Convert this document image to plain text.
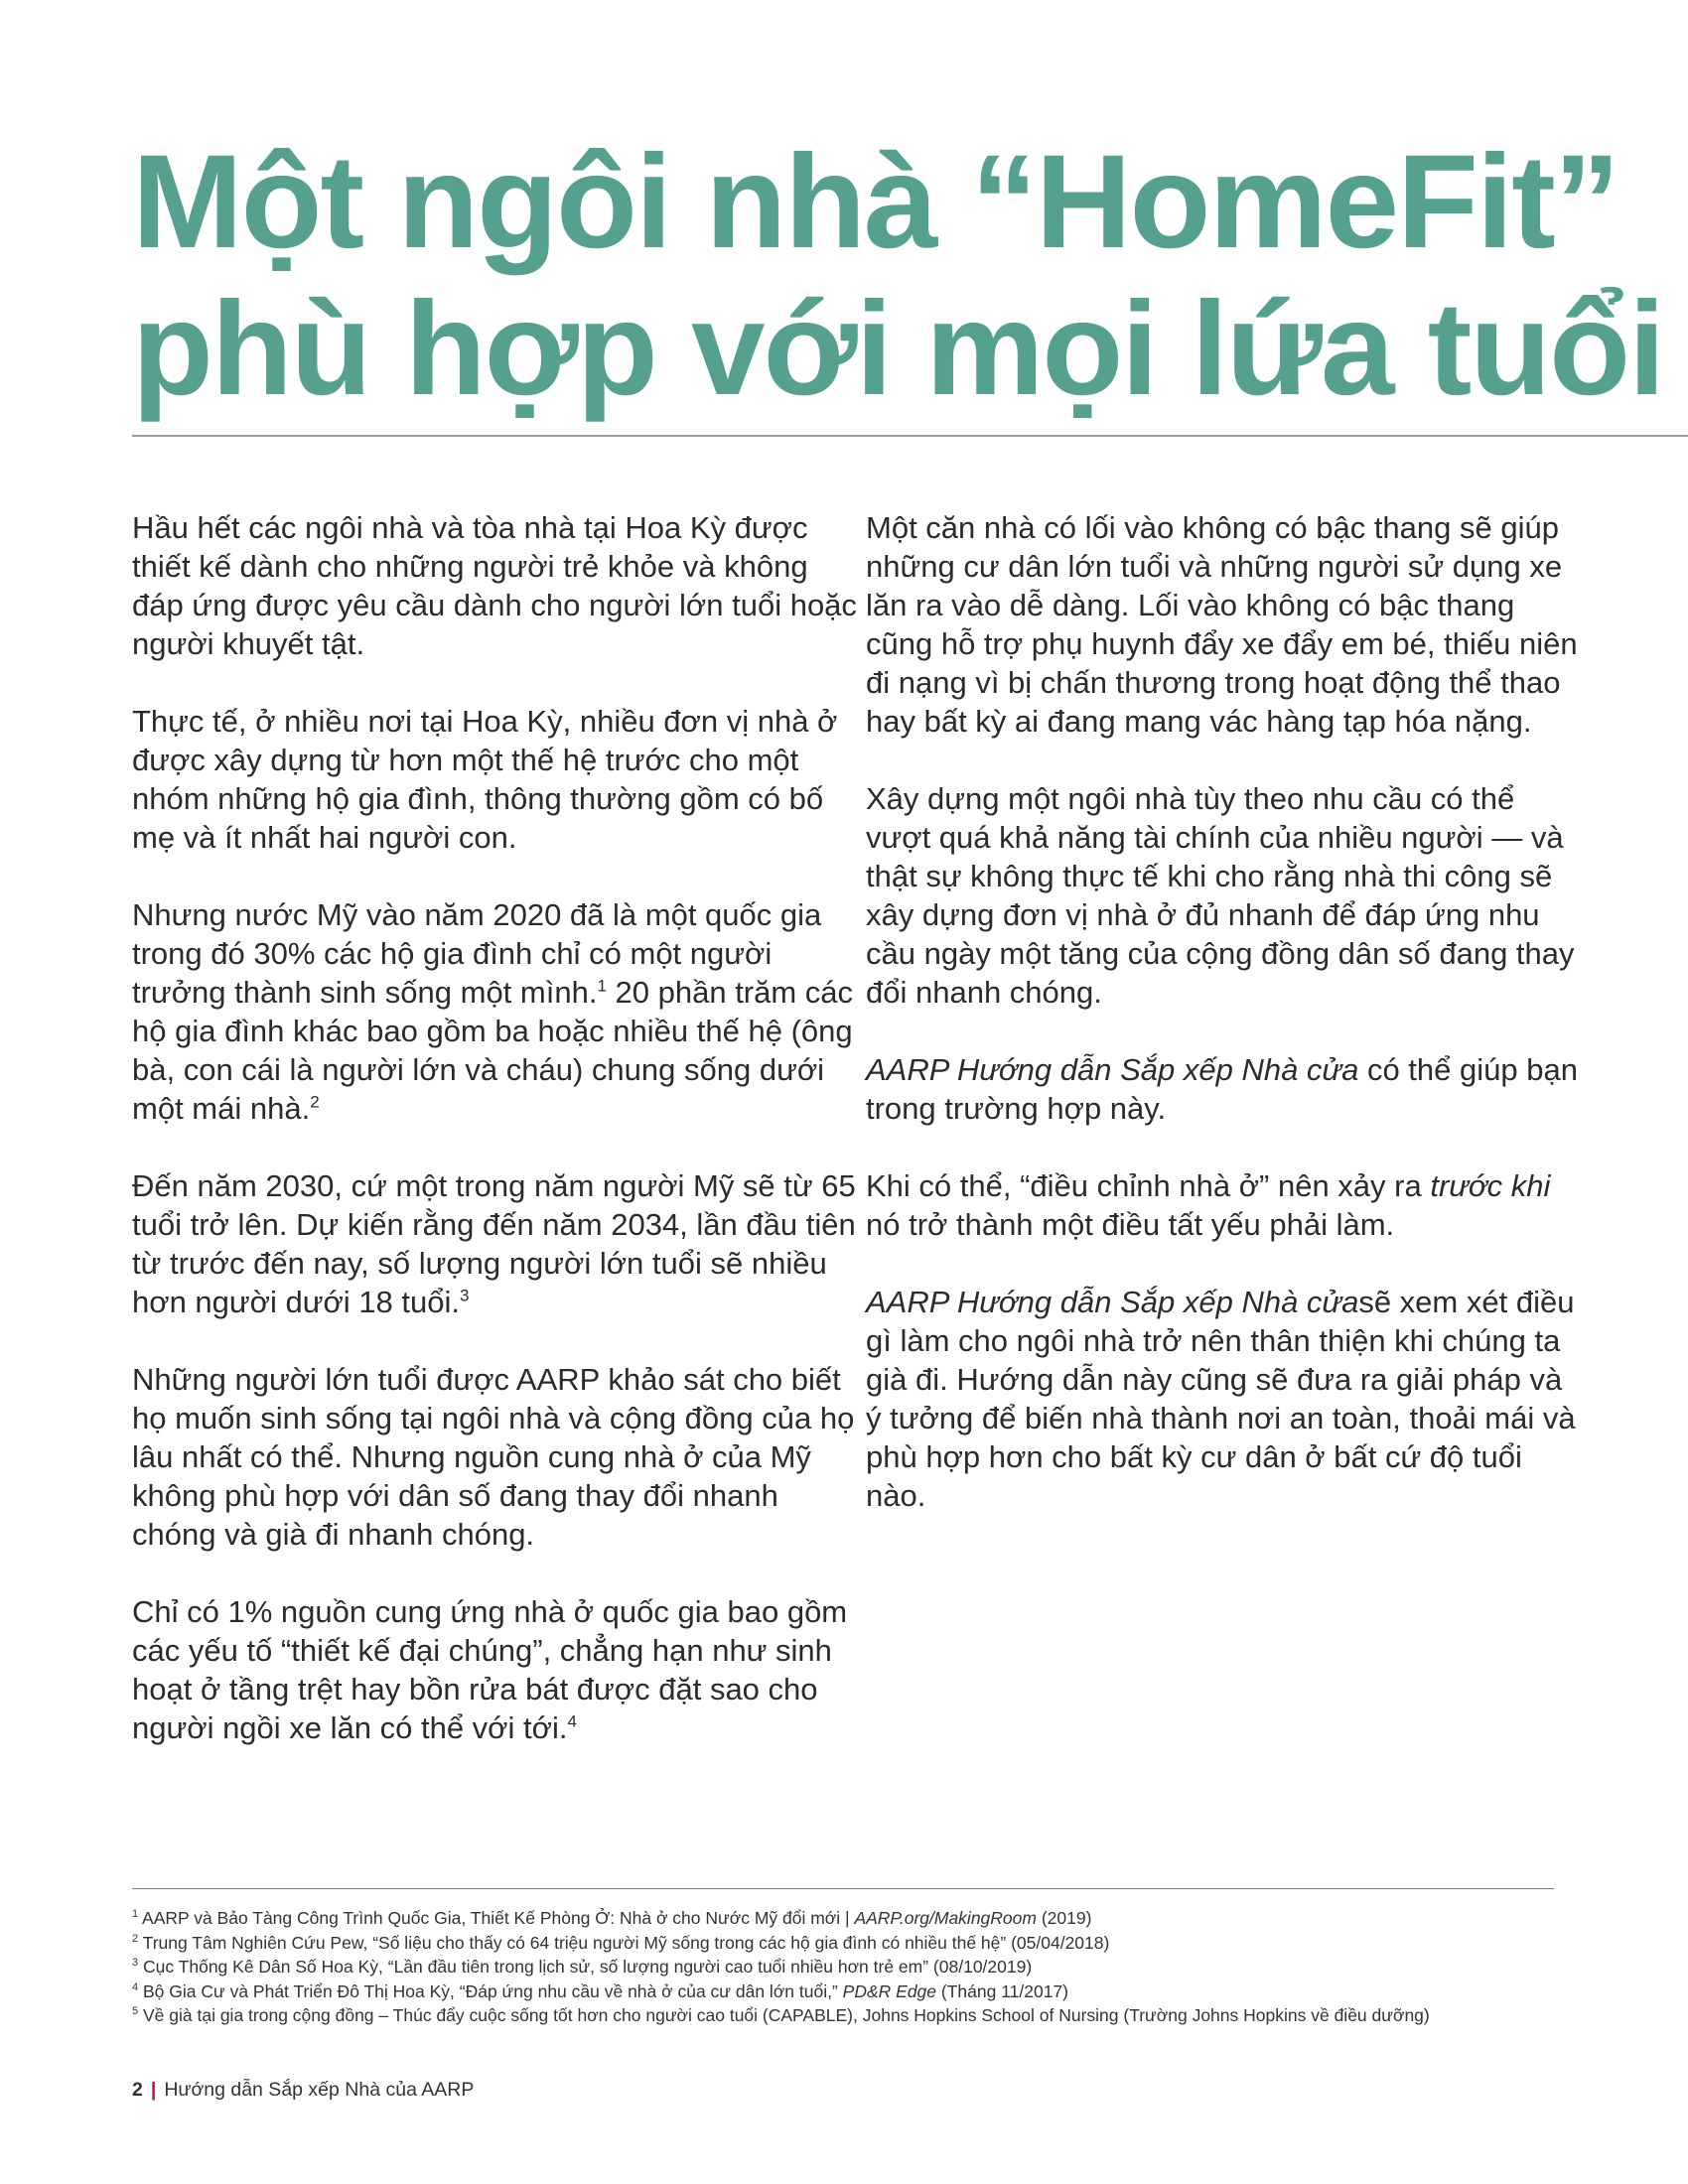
Một ngôi nhà “HomeFit”
phù hợp với mọi lứa tuổi

Hầu hết các ngôi nhà và tòa nhà tại Hoa Kỳ được thiết kế dành cho những người trẻ khỏe và không đáp ứng được yêu cầu dành cho người lớn tuổi hoặc người khuyết tật.

Thực tế, ở nhiều nơi tại Hoa Kỳ, nhiều đơn vị nhà ở được xây dựng từ hơn một thế hệ trước cho một nhóm những hộ gia đình, thông thường gồm có bố mẹ và ít nhất hai người con.

Nhưng nước Mỹ vào năm 2020 đã là một quốc gia trong đó 30% các hộ gia đình chỉ có một người trưởng thành sinh sống một mình.$^1$ 20 phần trăm các hộ gia đình khác bao gồm ba hoặc nhiều thế hệ (ông bà, con cái là người lớn và cháu) chung sống dưới một mái nhà.$^2$

Đến năm 2030, cứ một trong năm người Mỹ sẽ từ 65 tuổi trở lên. Dự kiến rằng đến năm 2034, lần đầu tiên từ trước đến nay, số lượng người lớn tuổi sẽ nhiều hơn người dưới 18 tuổi.$^3$

Những người lớn tuổi được AARP khảo sát cho biết họ muốn sinh sống tại ngôi nhà và cộng đồng của họ lâu nhất có thể. Nhưng nguồn cung nhà ở của Mỹ không phù hợp với dân số đang thay đổi nhanh chóng và già đi nhanh chóng.

Chỉ có 1% nguồn cung ứng nhà ở quốc gia bao gồm các yếu tố “thiết kế đại chúng”, chẳng hạn như sinh hoạt ở tầng trệt hay bồn rửa bát được đặt sao cho người ngồi xe lăn có thể với tới.$^4$

Một căn nhà có lối vào không có bậc thang sẽ giúp những cư dân lớn tuổi và những người sử dụng xe lăn ra vào dễ dàng. Lối vào không có bậc thang cũng hỗ trợ phụ huynh đẩy xe đẩy em bé, thiếu niên đi nạng vì bị chấn thương trong hoạt động thể thao hay bất kỳ ai đang mang vác hàng tạp hóa nặng.

Xây dựng một ngôi nhà tùy theo nhu cầu có thể vượt quá khả năng tài chính của nhiều người — và thật sự không thực tế khi cho rằng nhà thi công sẽ xây dựng đơn vị nhà ở đủ nhanh để đáp ứng nhu cầu ngày một tăng của cộng đồng dân số đang thay đổi nhanh chóng.

AARP Hướng dẫn Sắp xếp Nhà cửa có thể giúp bạn trong trường hợp này.

Khi có thể, “điều chỉnh nhà ở” nên xảy ra trước khi nó trở thành một điều tất yếu phải làm.

AARP Hướng dẫn Sắp xếp Nhà cửasẽ xem xét điều gì làm cho ngôi nhà trở nên thân thiện khi chúng ta già đi. Hướng dẫn này cũng sẽ đưa ra giải pháp và ý tưởng để biến nhà thành nơi an toàn, thoải mái và phù hợp hơn cho bất kỳ cư dân ở bất cứ độ tuổi nào.

$^1$ AARP và Bảo Tàng Công Trình Quốc Gia, Thiết Kế Phòng Ở: Nhà ở cho Nước Mỹ đổi mới | AARP.org/MakingRoom (2019)
$^2$ Trung Tâm Nghiên Cứu Pew, “Số liệu cho thấy có 64 triệu người Mỹ sống trong các hộ gia đình có nhiều thế hệ” (05/04/2018)
$^3$ Cục Thống Kê Dân Số Hoa Kỳ, “Lần đầu tiên trong lịch sử, số lượng người cao tuổi nhiều hơn trẻ em” (08/10/2019)
$^4$ Bộ Gia Cư và Phát Triển Đô Thị Hoa Kỳ, “Đáp ứng nhu cầu về nhà ở của cư dân lớn tuổi,” PD&R Edge (Tháng 11/2017)
$^5$ Về già tại gia trong cộng đồng – Thúc đẩy cuộc sống tốt hơn cho người cao tuổi (CAPABLE), Johns Hopkins School of Nursing (Trường Johns Hopkins về điều dưỡng)
2 | Hướng dẫn Sắp xếp Nhà của AARP
